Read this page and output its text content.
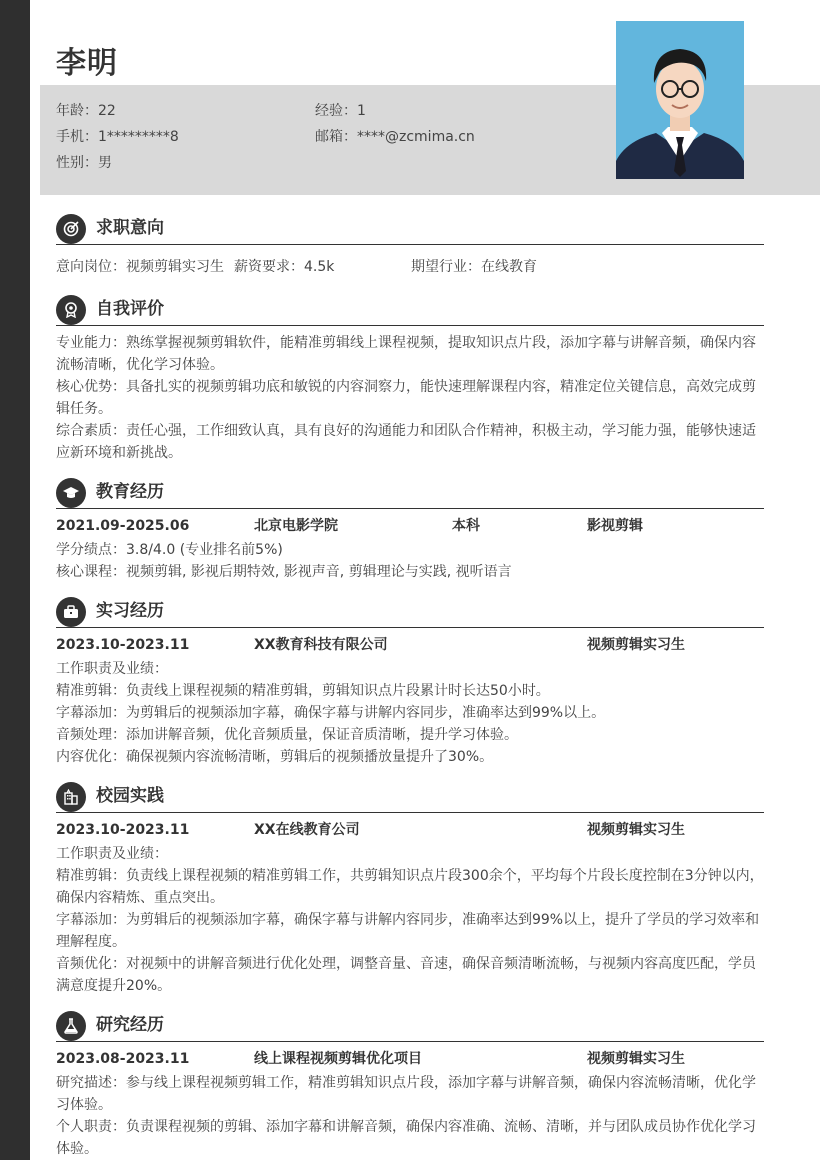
李明
年龄：22	经验：1
手机：1*********8	邮箱：****@zcmima.cn
性别：男
求职意向
意向岗位：视频剪辑实习生 薪资要求：4.5k	期望行业：在线教育
自我评价
专业能力：熟练掌握视频剪辑软件，能精准剪辑线上课程视频，提取知识点片段，添加字幕与讲解音频，确保内容流畅清晰，优化学习体验。
核心优势：具备扎实的视频剪辑功底和敏锐的内容洞察力，能快速理解课程内容，精准定位关键信息，高效完成剪辑任务。
综合素质：责任心强，工作细致认真，具有良好的沟通能力和团队合作精神，积极主动，学习能力强，能够快速适应新环境和新挑战。
教育经历
2021.09-2025.06	北京电影学院	本科	影视剪辑
学分绩点：3.8/4.0 (专业排名前5%)
核心课程：视频剪辑, 影视后期特效, 影视声音, 剪辑理论与实践, 视听语言
实习经历
2023.10-2023.11	XX教育科技有限公司	视频剪辑实习生
工作职责及业绩：
精准剪辑：负责线上课程视频的精准剪辑，剪辑知识点片段累计时长达50小时。
字幕添加：为剪辑后的视频添加字幕，确保字幕与讲解内容同步，准确率达到99%以上。
音频处理：添加讲解音频，优化音频质量，保证音质清晰，提升学习体验。
内容优化：确保视频内容流畅清晰，剪辑后的视频播放量提升了30%。
校园实践
2023.10-2023.11	XX在线教育公司	视频剪辑实习生
工作职责及业绩：
精准剪辑：负责线上课程视频的精准剪辑工作，共剪辑知识点片段300余个，平均每个片段长度控制在3分钟以内，确保内容精炼、重点突出。
字幕添加：为剪辑后的视频添加字幕，确保字幕与讲解内容同步，准确率达到99%以上，提升了学员的学习效率和理解程度。
音频优化：对视频中的讲解音频进行优化处理，调整音量、音速，确保音频清晰流畅，与视频内容高度匹配，学员满意度提升20%。
研究经历
2023.08-2023.11	线上课程视频剪辑优化项目	视频剪辑实习生
研究描述：参与线上课程视频剪辑工作，精准剪辑知识点片段，添加字幕与讲解音频，确保内容流畅清晰，优化学习体验。
个人职责：负责课程视频的剪辑、添加字幕和讲解音频，确保内容准确、流畅、清晰，并与团队成员协作优化学习体验。
